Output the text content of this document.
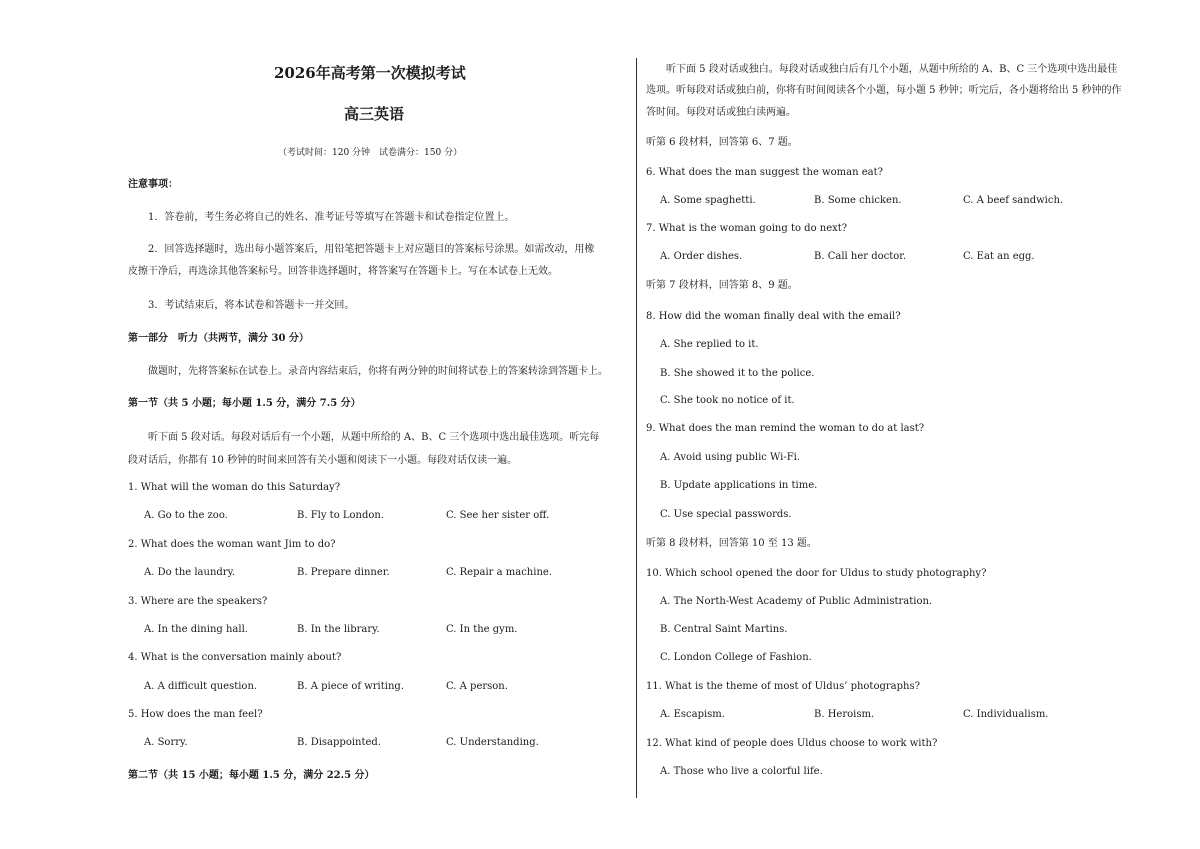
2026年高考第一次模拟考试
高三英语
（考试时间：120 分钟　试卷满分：150 分）
注意事项：
1．答卷前，考生务必将自己的姓名、准考证号等填写在答题卡和试卷指定位置上。
2．回答选择题时，选出每小题答案后，用铅笔把答题卡上对应题目的答案标号涂黑。如需改动，用橡
皮擦干净后，再选涂其他答案标号。回答非选择题时，将答案写在答题卡上。写在本试卷上无效。
3．考试结束后，将本试卷和答题卡一并交回。
第一部分　听力（共两节，满分 30 分）
做题时，先将答案标在试卷上。录音内容结束后，你将有两分钟的时间将试卷上的答案转涂到答题卡上。
第一节（共 5 小题；每小题 1.5 分，满分 7.5 分）
听下面 5 段对话。每段对话后有一个小题，从题中所给的 A、B、C 三个选项中选出最佳选项。听完每
段对话后，你都有 10 秒钟的时间来回答有关小题和阅读下一小题。每段对话仅读一遍。
1. What will the woman do this Saturday?
A. Go to the zoo.	B. Fly to London.	C. See her sister off.
2. What does the woman want Jim to do?
A. Do the laundry.	B. Prepare dinner.	C. Repair a machine.
3. Where are the speakers?
A. In the dining hall.	B. In the library.	C. In the gym.
4. What is the conversation mainly about?
A. A difficult question.	B. A piece of writing.	C. A person.
5. How does the man feel?
A. Sorry.	B. Disappointed.	C. Understanding.
第二节（共 15 小题；每小题 1.5 分，满分 22.5 分）
听下面 5 段对话或独白。每段对话或独白后有几个小题，从题中所给的 A、B、C 三个选项中选出最佳
选项。听每段对话或独白前，你将有时间阅读各个小题，每小题 5 秒钟；听完后，各小题将给出 5 秒钟的作
答时间。每段对话或独白读两遍。
听第 6 段材料，回答第 6、7 题。
6. What does the man suggest the woman eat?
A. Some spaghetti.	B. Some chicken.	C. A beef sandwich.
7. What is the woman going to do next?
A. Order dishes.	B. Call her doctor.	C. Eat an egg.
听第 7 段材料，回答第 8、9 题。
8. How did the woman finally deal with the email?
A. She replied to it.
B. She showed it to the police.
C. She took no notice of it.
9. What does the man remind the woman to do at last?
A. Avoid using public Wi-Fi.
B. Update applications in time.
C. Use special passwords.
听第 8 段材料，回答第 10 至 13 题。
10. Which school opened the door for Uldus to study photography?
A. The North-West Academy of Public Administration.
B. Central Saint Martins.
C. London College of Fashion.
11. What is the theme of most of Uldus’ photographs?
A. Escapism.	B. Heroism.	C. Individualism.
12. What kind of people does Uldus choose to work with?
A. Those who live a colorful life.
